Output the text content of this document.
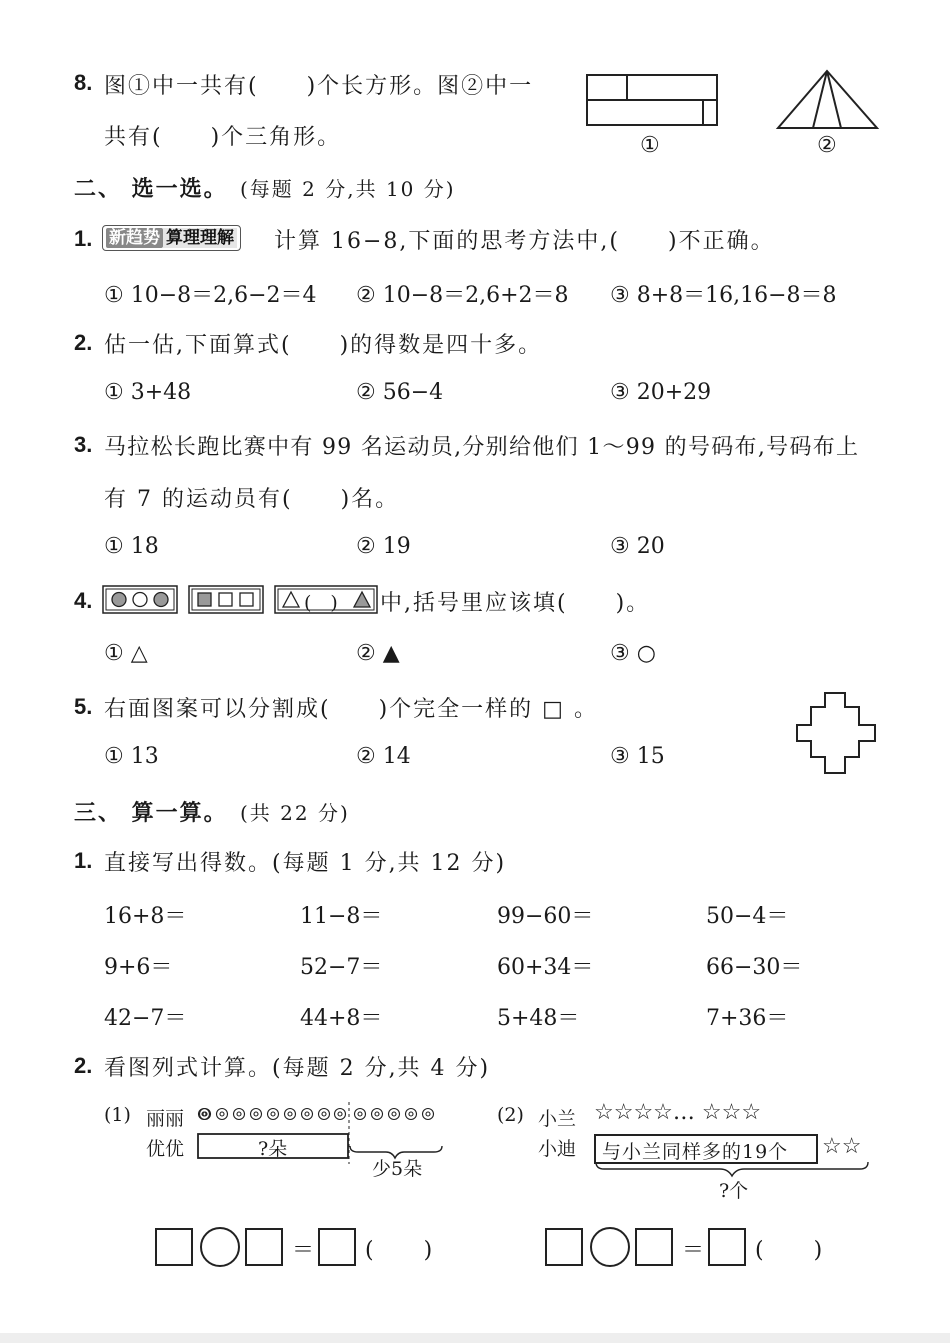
8. 图①中一共有(　　)个长方形。图②中一
共有(　　)个三角形。	①	②
二、 选一选。 (每题 2 分,共 10 分)
1. 新趋势 算理理解	计算 16−8,下面的思考方法中,(　　)不正确。
① 10−8＝2,6−2＝4 ② 10−8＝2,6+2＝8 ③ 8+8＝16,16−8＝8
2. 估一估,下面算式(　　)的得数是四十多。
① 3+48	② 56−4	③ 20+29
3. 马拉松长跑比赛中有 99 名运动员,分别给他们 1～99 的号码布,号码布上
有 7 的运动员有(　　)名。
① 18	② 19	③ 20
4.	(　) 中,括号里应该填(　　)。
① △	② ▲	③ ○
5. 右面图案可以分割成(　　)个完全一样的 □ 。
① 13	② 14	③ 15
三、 算一算。 (共 22 分)
1. 直接写出得数。(每题 1 分,共 12 分)
16+8＝	11−8＝	99−60＝	50−4＝
9+6＝	52−7＝	60+34＝	66−30＝
42−7＝	44+8＝	5+48＝	7+36＝
2. 看图列式计算。(每题 2 分,共 4 分)
(1) 丽丽
优优	?朵
少5朵
(2) 小兰
小迪
☆☆☆☆… ☆☆☆
与小兰同样多的19个 ☆☆
?个
＝ (　　)	＝ (　　)
